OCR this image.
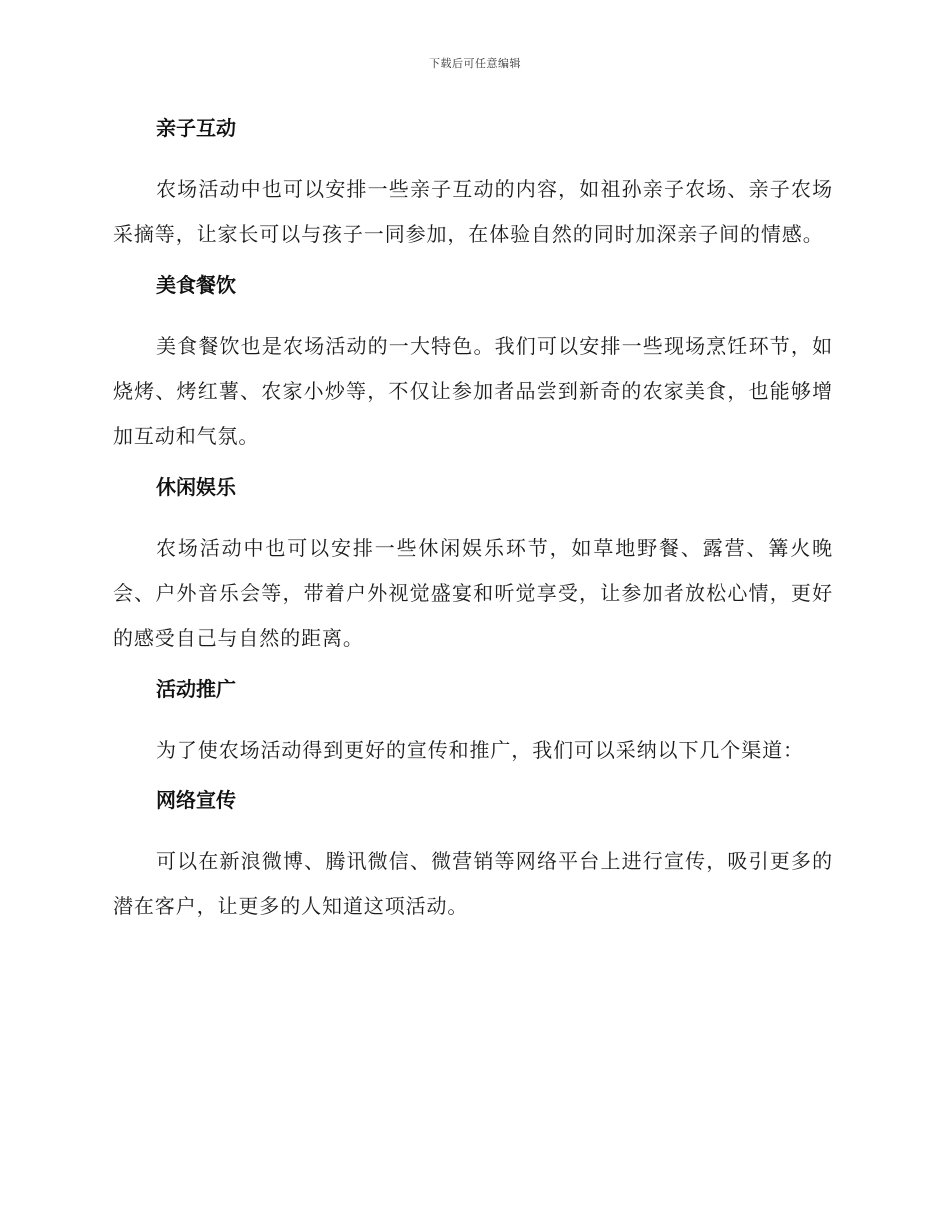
下载后可任意编辑
亲子互动
农场活动中也可以安排一些亲子互动的内容，如祖孙亲子农场、亲子农场采摘等，让家长可以与孩子一同参加，在体验自然的同时加深亲子间的情感。
美食餐饮
美食餐饮也是农场活动的一大特色。我们可以安排一些现场烹饪环节，如烧烤、烤红薯、农家小炒等，不仅让参加者品尝到新奇的农家美食，也能够增加互动和气氛。
休闲娱乐
农场活动中也可以安排一些休闲娱乐环节，如草地野餐、露营、篝火晚会、户外音乐会等，带着户外视觉盛宴和听觉享受，让参加者放松心情，更好的感受自己与自然的距离。
活动推广
为了使农场活动得到更好的宣传和推广，我们可以采纳以下几个渠道：
网络宣传
可以在新浪微博、腾讯微信、微营销等网络平台上进行宣传，吸引更多的潜在客户，让更多的人知道这项活动。
